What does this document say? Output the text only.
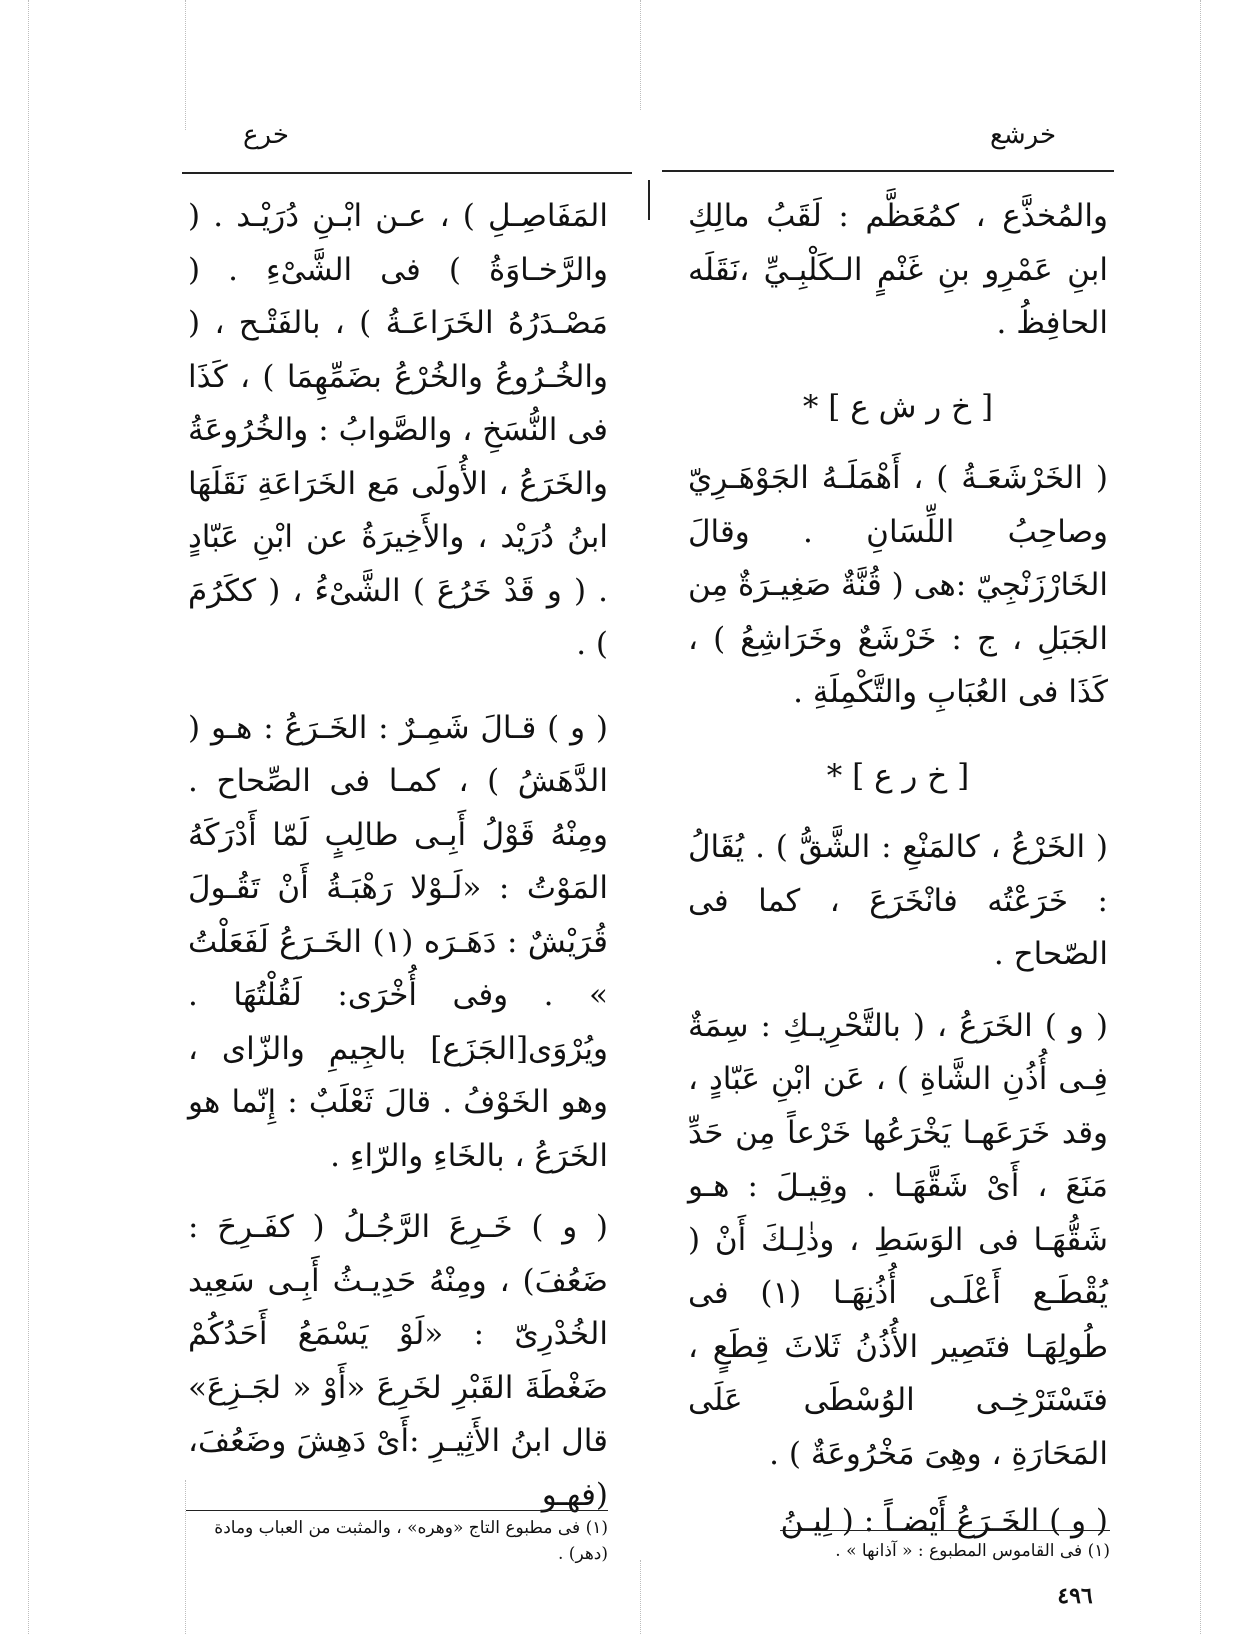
خرشع
خرع

والمُخذَّع ، كمُعَظَّم : لَقَبُ مالِكِ ابنِ عَمْرِو بنِ غَنْمٍ الـكَلْبِـيِّ ،نَقَلَه الحافِظُ .

[ خ ر ش ع ] *

( الخَرْشَعَـةُ ) ، أَهْمَلَـهُ الجَوْهَـرِيّ وصاحِبُ اللِّسَانِ . وقالَ الخَارْزَنْجِيّ :هى ( قُنَّةٌ صَغِيـرَةٌ مِن الجَبَلِ ، ج : خَرْشَعٌ وخَرَاشِعُ ) ، كَذَا فى العُبَابِ والتَّكْمِلَةِ .

[ خ ر ع ] *

( الخَرْعُ ، كالمَنْعِ : الشَّقُّ ) . يُقَالُ : خَرَعْتُه فانْخَرَعَ ، كما فى الصّحاح .

( و ) الخَرَعُ ، ( بالتَّحْرِيـكِ : سِمَةٌ فِـى أُذُنِ الشَّاةِ ) ، عَن ابْنِ عَبّادٍ ، وقد خَرَعَهـا يَخْرَعُها خَرْعاً مِن حَدِّ مَنَعَ ، أَىْ شَقَّهَـا . وقِيـلَ : هـو شَقُّهَـا فى الوَسَطِ ، وذٰلِـكَ أَنْ ( يُقْطَـع أَعْلَـى أُذُنِهَـا (١) فى طُولِهَـا فتَصِير الأُذُنُ ثَلاثَ قِطَعٍ ، فتَسْتَرْخِـى الوُسْطَى عَلَى المَحَارَةِ ، وهِىَ مَخْرُوعَةٌ ) .

( و ) الخَـرَعُ أَيْضـاً : ( لِيـنُ

المَفَاصِـلِ ) ، عـن ابْـنِ دُرَيْـد . ( والرَّخـاوَةُ ) فى الشَّىْءِ . ( مَصْـدَرُهُ الخَرَاعَـةُ ) ، بالفَتْـح ، ( والخُـرُوعُ والخُرْعُ بضَمِّهِمَا ) ، كَذَا فى النُّسَخِ ، والصَّوابُ : والخُرُوعَةُ والخَرَعُ ، الأُولَى مَع الخَرَاعَةِ نَقَلَهَا ابنُ دُرَيْد ، والأَخِيرَةُ عن ابْنِ عَبّادٍ . ( و قَدْ خَرُعَ ) الشَّىْءُ ، ( ككَرُمَ ) .

( و ) قـالَ شَمِـرٌ : الخَـرَعُ : هـو ( الدَّهَشُ ) ، كمـا فى الصِّحاح . ومِنْهُ قَوْلُ أَبِـى طالِبٍ لَمّا أَدْرَكَهُ المَوْتُ : «لَـوْلا رَهْبَـةُ أَنْ تَقُـولَ قُرَيْشٌ : دَهَـرَه (١) الخَـرَعُ لَفَعَلْتُ » . وفى أُخْرَى: لَقُلْتُهَا . ويُرْوَى[الجَزَع] بالجِيمِ والزّاى ، وهو الخَوْفُ . قالَ ثَعْلَبٌ : إِنّما هو الخَرَعُ ، بالخَاءِ والرّاءِ .

( و ) خَـرِعَ الرَّجُـلُ ( كفَـرِحَ : ضَعُفَ) ، ومِنْهُ حَدِيـثُ أَبِـى سَعِيد الخُدْرِىّ : «لَوْ يَسْمَعُ أَحَدُكُمْ ضَغْطَةَ القَبْرِ لخَرِعَ «أَوْ « لجَـزِعَ» قال ابنُ الأَثِيـرِ :أَىْ دَهِشَ وضَعُفَ، (فهـو

(١) فى مطبوع التاج «وهره» ، والمثبت من العباب ومادة (دهر) .	(١) فى القاموس المطبوع : « آذانها » .
٤٩٦
